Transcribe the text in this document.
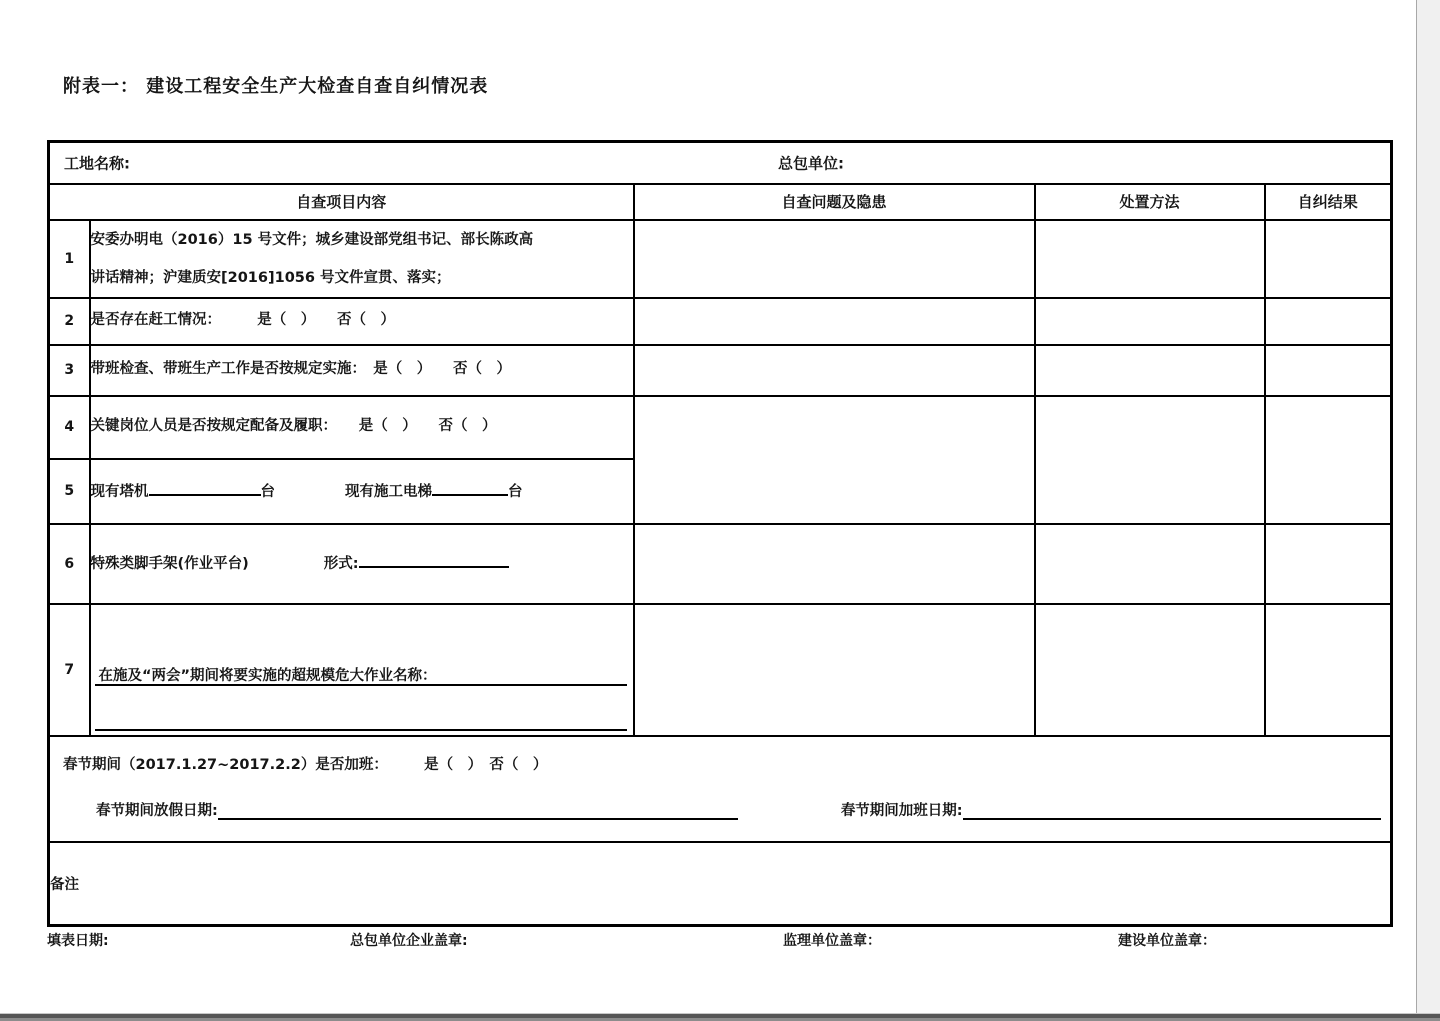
附表一： 建设工程安全生产大检查自查自纠情况表
工地名称: 总包单位:				

自查项目内容		自查问题及隐患	处置方法	自纠结果
1	安委办明电（2016）15 号文件；城乡建设部党组书记、部长陈政高
讲话精神；沪建质安[2016]1056 号文件宣贯、落实；			
2	是否存在赶工情况：　　　是（　）　　否（　）			
3	带班检查、带班生产工作是否按规定实施：　是（　）　　否（　）			
4	关键岗位人员是否按规定配备及履职：　　是（　）　　否（　）			
5	现有塔机 台 现有施工电梯 台			
6	特殊类脚手架(作业平台) 形式:			
7	在施及“两会”期间将要实施的超规模危大作业名称：			

春节期间（2017.1.27~2017.2.2）是否加班：　　　是（　）　否（　）
春节期间放假日期: 春节期间加班日期:				

备注				
填表日期:	总包单位企业盖章:	监理单位盖章：	建设单位盖章：
